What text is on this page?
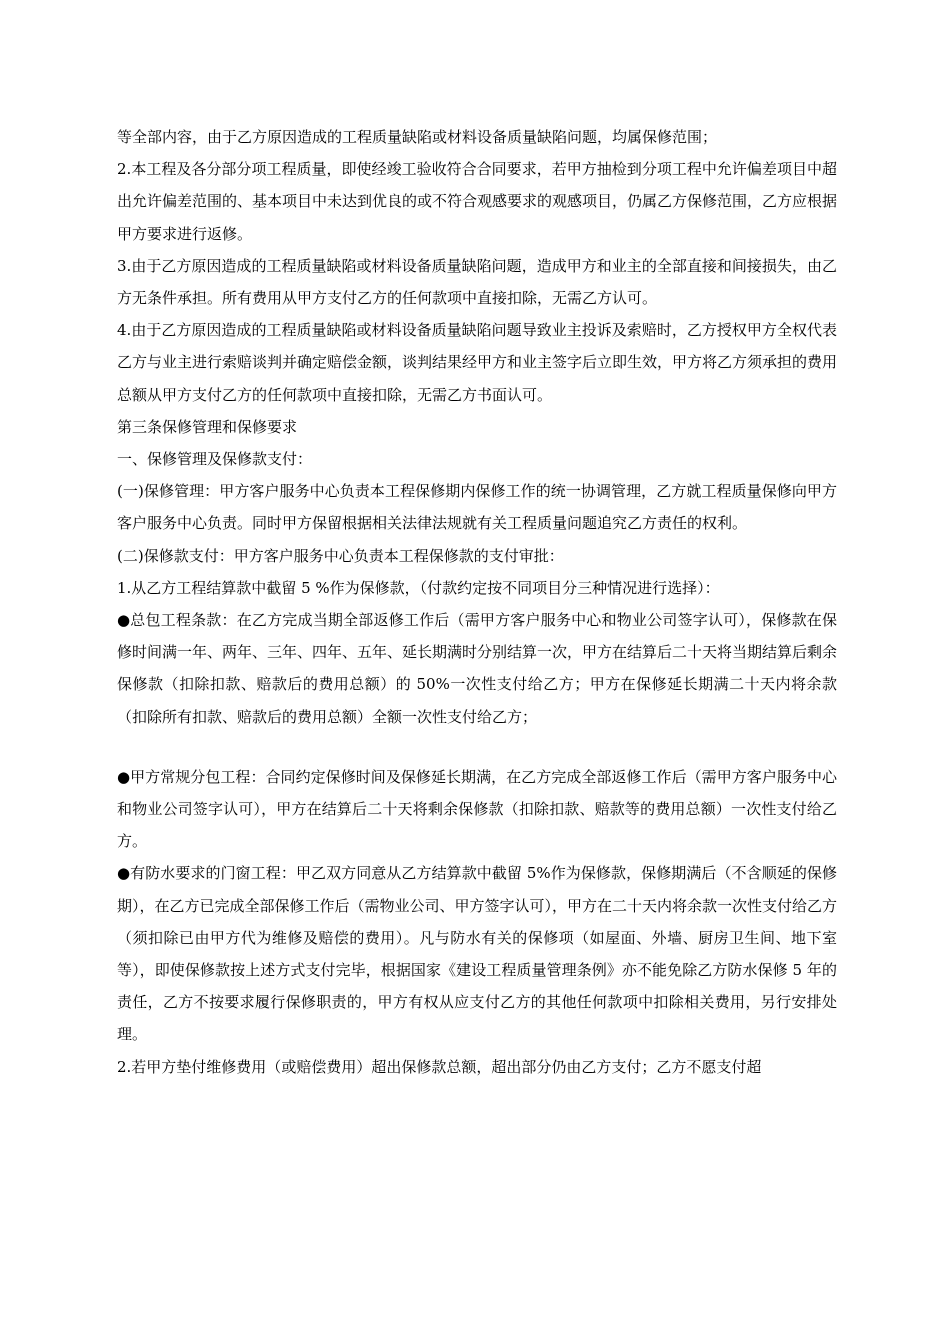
等全部内容，由于乙方原因造成的工程质量缺陷或材料设备质量缺陷问题，均属保修范围；

2.本工程及各分部分项工程质量，即使经竣工验收符合合同要求，若甲方抽检到分项工程中允许偏差项目中超出允许偏差范围的、基本项目中未达到优良的或不符合观感要求的观感项目，仍属乙方保修范围，乙方应根据甲方要求进行返修。

3.由于乙方原因造成的工程质量缺陷或材料设备质量缺陷问题，造成甲方和业主的全部直接和间接损失，由乙方无条件承担。所有费用从甲方支付乙方的任何款项中直接扣除，无需乙方认可。

4.由于乙方原因造成的工程质量缺陷或材料设备质量缺陷问题导致业主投诉及索赔时，乙方授权甲方全权代表乙方与业主进行索赔谈判并确定赔偿金额，谈判结果经甲方和业主签字后立即生效，甲方将乙方须承担的费用总额从甲方支付乙方的任何款项中直接扣除，无需乙方书面认可。

第三条保修管理和保修要求

一、保修管理及保修款支付：

(一)保修管理：甲方客户服务中心负责本工程保修期内保修工作的统一协调管理，乙方就工程质量保修向甲方客户服务中心负责。同时甲方保留根据相关法律法规就有关工程质量问题追究乙方责任的权利。

(二)保修款支付：甲方客户服务中心负责本工程保修款的支付审批：

1.从乙方工程结算款中截留 5 %作为保修款，（付款约定按不同项目分三种情况进行选择）：

●总包工程条款：在乙方完成当期全部返修工作后（需甲方客户服务中心和物业公司签字认可），保修款在保修时间满一年、两年、三年、四年、五年、延长期满时分别结算一次，甲方在结算后二十天将当期结算后剩余保修款（扣除扣款、赔款后的费用总额）的 50%一次性支付给乙方；甲方在保修延长期满二十天内将余款（扣除所有扣款、赔款后的费用总额）全额一次性支付给乙方；

●甲方常规分包工程：合同约定保修时间及保修延长期满，在乙方完成全部返修工作后（需甲方客户服务中心和物业公司签字认可），甲方在结算后二十天将剩余保修款（扣除扣款、赔款等的费用总额）一次性支付给乙方。

●有防水要求的门窗工程：甲乙双方同意从乙方结算款中截留 5%作为保修款，保修期满后（不含顺延的保修期），在乙方已完成全部保修工作后（需物业公司、甲方签字认可），甲方在二十天内将余款一次性支付给乙方（须扣除已由甲方代为维修及赔偿的费用）。凡与防水有关的保修项（如屋面、外墙、厨房卫生间、地下室等），即使保修款按上述方式支付完毕，根据国家《建设工程质量管理条例》亦不能免除乙方防水保修 5 年的责任，乙方不按要求履行保修职责的，甲方有权从应支付乙方的其他任何款项中扣除相关费用，另行安排处理。

2.若甲方垫付维修费用（或赔偿费用）超出保修款总额，超出部分仍由乙方支付；乙方不愿支付超
